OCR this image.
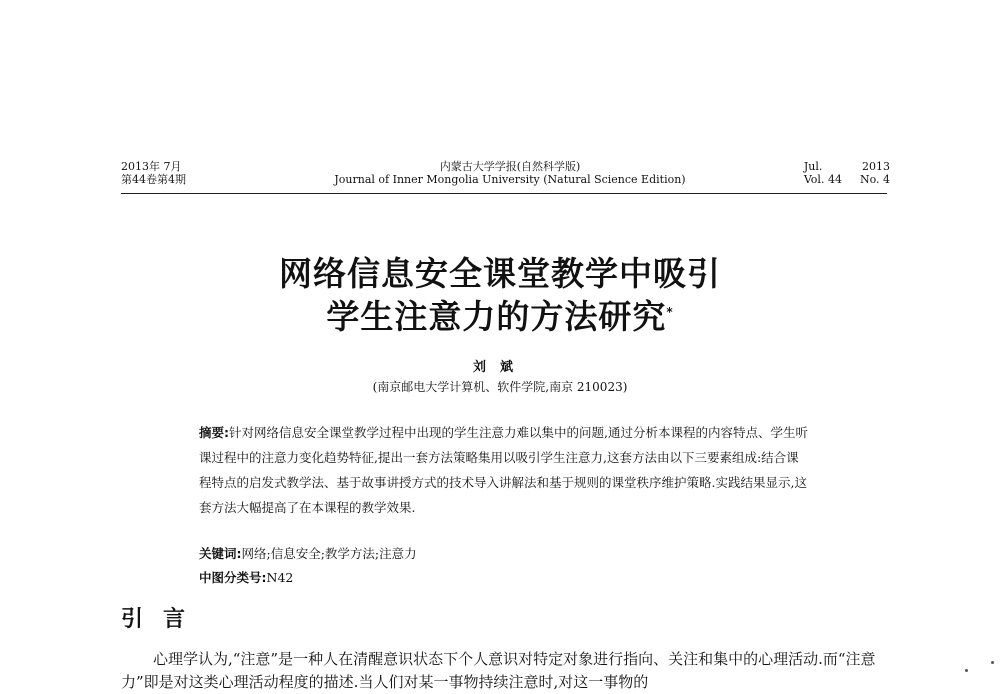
2013年 7月
第44卷第4期
内蒙古大学学报(自然科学版)
Journal of Inner Mongolia University (Natural Science Edition)
Jul.	2013
Vol. 44 No. 4
网络信息安全课堂教学中吸引
学生注意力的方法研究*
刘斌
(南京邮电大学计算机、软件学院,南京 210023)
摘要:针对网络信息安全课堂教学过程中出现的学生注意力难以集中的问题,通过分析本课程的内容特点、学生听课过程中的注意力变化趋势特征,提出一套方法策略集用以吸引学生注意力,这套方法由以下三要素组成:结合课程特点的启发式教学法、基于故事讲授方式的技术导入讲解法和基于规则的课堂秩序维护策略.实践结果显示,这套方法大幅提高了在本课程的教学效果.
关键词:网络;信息安全;教学方法;注意力
中图分类号:N42
引言
心理学认为,“注意”是一种人在清醒意识状态下个人意识对特定对象进行指向、关注和集中的心理活动.而“注意力”即是对这类心理活动程度的描述.当人们对某一事物持续注意时,对这一事物的
